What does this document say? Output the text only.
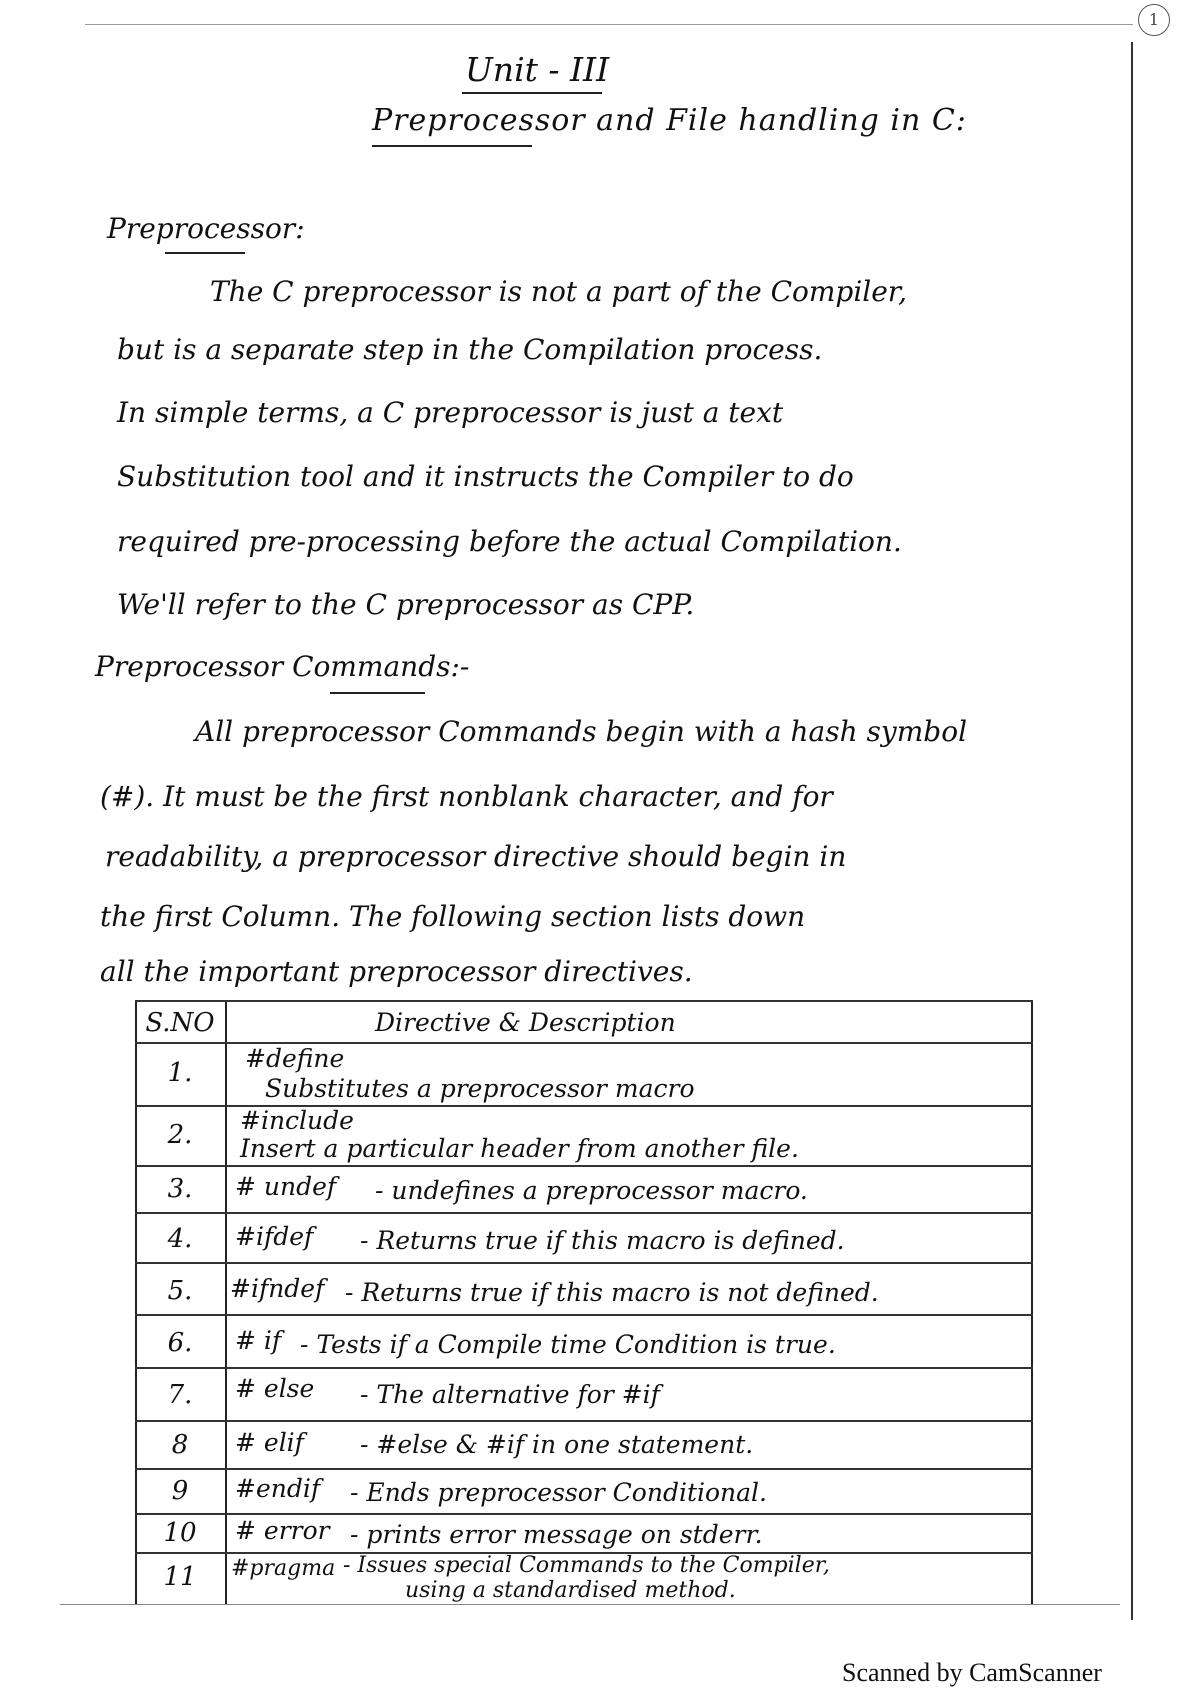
1
Unit - III
Preprocessor and File handling in C:
Preprocessor:
The C preprocessor is not a part of the Compiler,
but is a separate step in the Compilation process.
In simple terms, a C preprocessor is just a text
Substitution tool and it instructs the Compiler to do
required pre-processing before the actual Compilation.
We'll refer to the C preprocessor as CPP.
Preprocessor Commands:-
All preprocessor Commands begin with a hash symbol
(#). It must be the first nonblank character, and for
readability, a preprocessor directive should begin in
the first Column. The following section lists down
all the important preprocessor directives.
S.NO	Directive & Description
1.	#define
Substitutes a preprocessor macro
2.	#include
Insert a particular header from another file.
3.	# undef - undefines a preprocessor macro.
4.	#ifdef - Returns true if this macro is defined.
5.	#ifndef - Returns true if this macro is not defined.
6.	# if - Tests if a Compile time Condition is true.
7.	# else - The alternative for #if
8	# elif - #else & #if in one statement.
9	#endif - Ends preprocessor Conditional.
10	# error - prints error message on stderr.
11	#pragma - Issues special Commands to the Compiler,
using a standardised method.
Scanned by CamScanner
